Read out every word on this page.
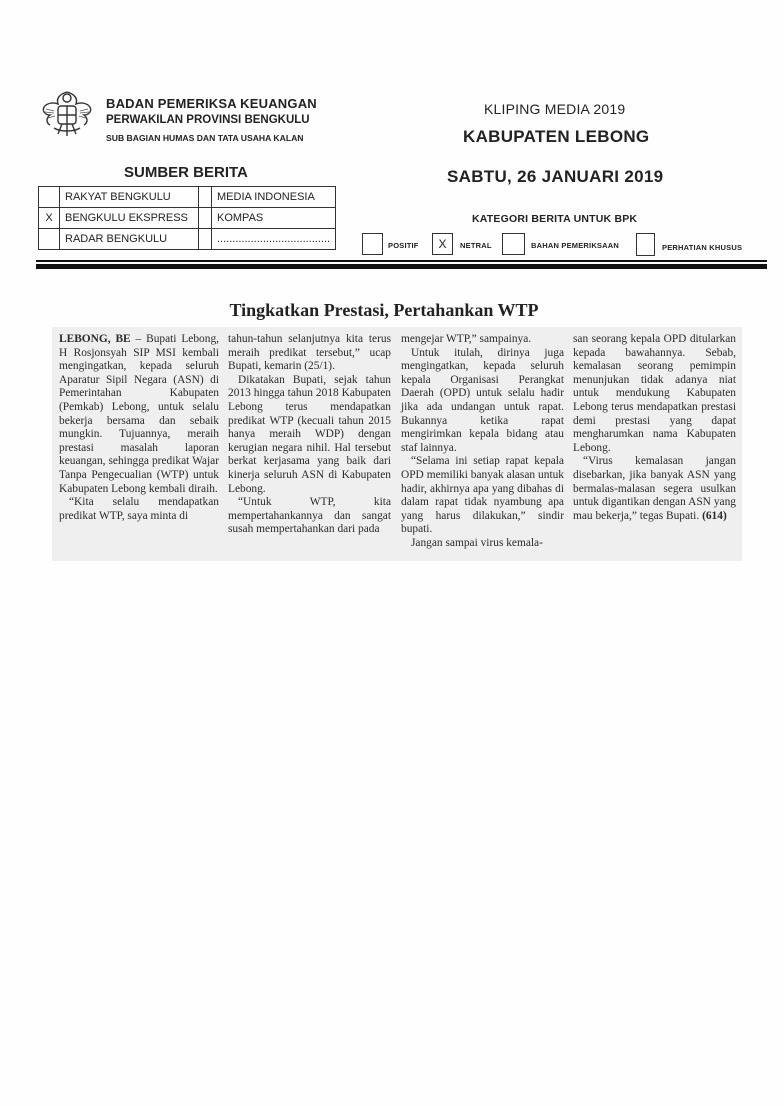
BADAN PEMERIKSA KEUANGAN
PERWAKILAN PROVINSI BENGKULU
SUB BAGIAN HUMAS DAN TATA USAHA KALAN
KLIPING MEDIA 2019
KABUPATEN LEBONG
SABTU, 26 JANUARI 2019
SUMBER BERITA
	RAKYAT BENGKULU		MEDIA INDONESIA
X	BENGKULU EKSPRESS		KOMPAS
	RADAR BENGKULU		.....................................
KATEGORI BERITA UNTUK BPK
POSITIF	X	NETRAL	BAHAN PEMERIKSAAN	PERHATIAN KHUSUS
Tingkatkan Prestasi, Pertahankan WTP

LEBONG, BE – Bupati Lebong, H Rosjonsyah SIP MSI kembali mengingatkan, kepada seluruh Aparatur Sipil Negara (ASN) di Pemerintahan Kabupaten (Pemkab) Lebong, untuk selalu bekerja bersama dan sebaik mungkin. Tujuannya, meraih prestasi masalah laporan keuangan, sehingga predikat Wajar Tanpa Pengecualian (WTP) untuk Kabupaten Lebong kembali diraih.

“Kita selalu mendapatkan predikat WTP, saya minta di

tahun-tahun selanjutnya kita terus meraih predikat tersebut,” ucap Bupati, kemarin (25/1).

Dikatakan Bupati, sejak tahun 2013 hingga tahun 2018 Kabupaten Lebong terus mendapatkan predikat WTP (kecuali tahun 2015 hanya meraih WDP) dengan kerugian negara nihil. Hal tersebut berkat kerjasama yang baik dari kinerja seluruh ASN di Kabupaten Lebong.

“Untuk WTP, kita mempertahankannya dan sangat susah mempertahankan dari pada

mengejar WTP,” sampainya.

Untuk itulah, dirinya juga mengingatkan, kepada seluruh kepala Organisasi Perangkat Daerah (OPD) untuk selalu hadir jika ada undangan untuk rapat. Bukannya ketika rapat mengirimkan kepala bidang atau staf lainnya.

“Selama ini setiap rapat kepala OPD memiliki banyak alasan untuk hadir, akhirnya apa yang dibahas di dalam rapat tidak nyambung apa yang harus dilakukan,” sindir bupati.

Jangan sampai virus kemala-

san seorang kepala OPD ditularkan kepada bawahannya. Sebab, kemalasan seorang pemimpin menunjukan tidak adanya niat untuk mendukung Kabupaten Lebong terus mendapatkan prestasi demi prestasi yang dapat mengharumkan nama Kabupaten Lebong.

“Virus kemalasan jangan disebarkan, jika banyak ASN yang bermalas-malasan segera usulkan untuk digantikan dengan ASN yang mau bekerja,” tegas Bupati. (614)
